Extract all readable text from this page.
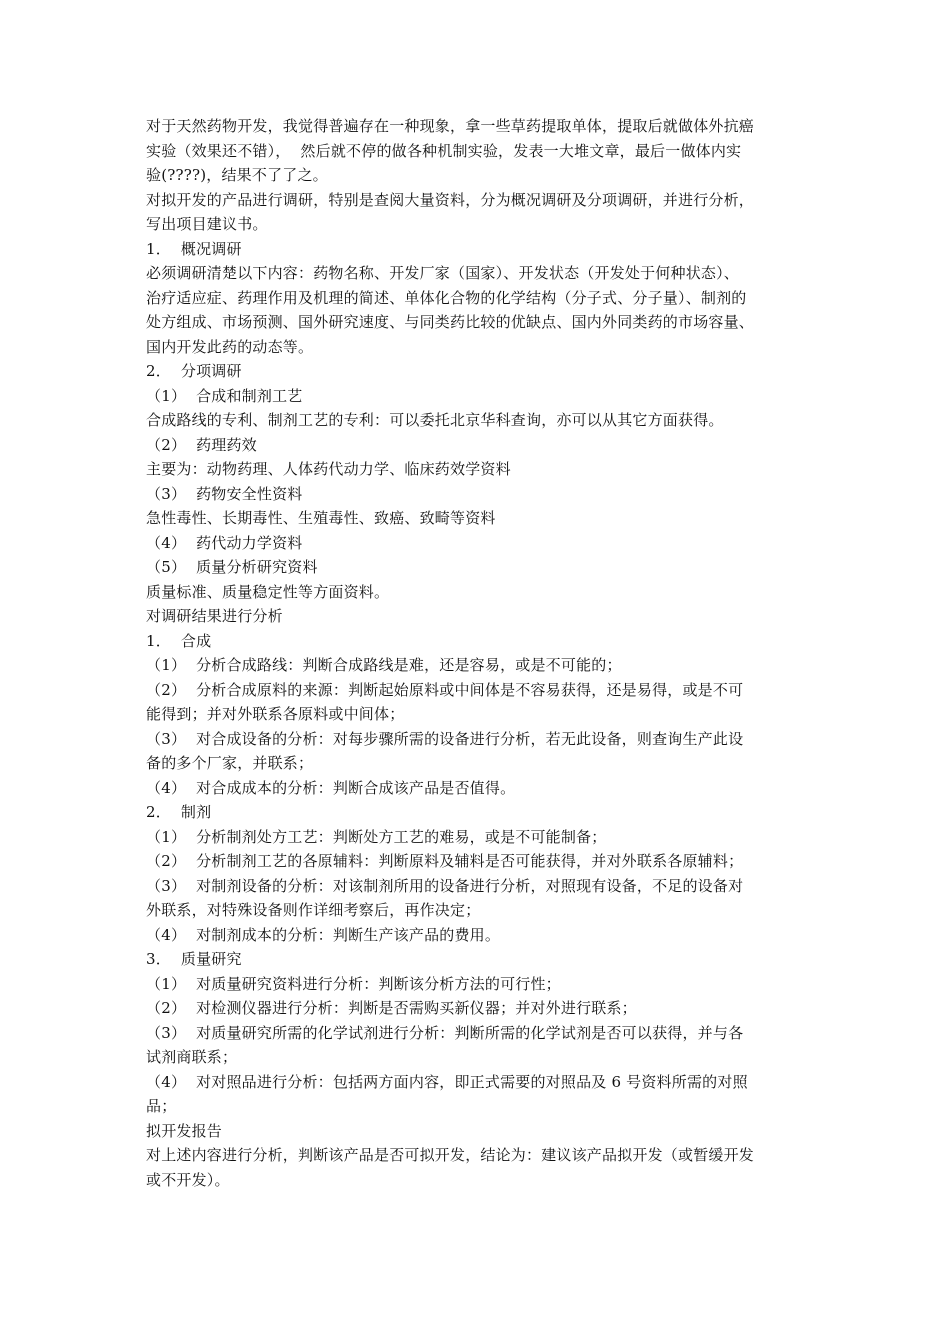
对于天然药物开发，我觉得普遍存在一种现象，拿一些草药提取单体，提取后就做体外抗癌
实验（效果还不错），  然后就不停的做各种机制实验，发表一大堆文章，最后一做体内实
验(????)，结果不了了之。
对拟开发的产品进行调研，特别是查阅大量资料，分为概况调研及分项调研，并进行分析，
写出项目建议书。
1．  概况调研
必须调研清楚以下内容：药物名称、开发厂家（国家）、开发状态（开发处于何种状态）、
治疗适应症、药理作用及机理的简述、单体化合物的化学结构（分子式、分子量）、制剂的
处方组成、市场预测、国外研究速度、与同类药比较的优缺点、国内外同类药的市场容量、
国内开发此药的动态等。
2．  分项调研
（1）  合成和制剂工艺
合成路线的专利、制剂工艺的专利：可以委托北京华科查询，亦可以从其它方面获得。
（2）  药理药效
主要为：动物药理、人体药代动力学、临床药效学资料
（3）  药物安全性资料
急性毒性、长期毒性、生殖毒性、致癌、致畸等资料
（4）  药代动力学资料
（5）  质量分析研究资料
质量标准、质量稳定性等方面资料。
对调研结果进行分析
1．  合成
（1）  分析合成路线：判断合成路线是难，还是容易，或是不可能的；
（2）  分析合成原料的来源：判断起始原料或中间体是不容易获得，还是易得，或是不可
能得到；并对外联系各原料或中间体；
（3）  对合成设备的分析：对每步骤所需的设备进行分析，若无此设备，则查询生产此设
备的多个厂家，并联系；
（4）  对合成成本的分析：判断合成该产品是否值得。
2．  制剂
（1）  分析制剂处方工艺：判断处方工艺的难易，或是不可能制备；
（2）  分析制剂工艺的各原辅料：判断原料及辅料是否可能获得，并对外联系各原辅料；
（3）  对制剂设备的分析：对该制剂所用的设备进行分析，对照现有设备，不足的设备对
外联系，对特殊设备则作详细考察后，再作决定；
（4）  对制剂成本的分析：判断生产该产品的费用。
3．  质量研究
（1）  对质量研究资料进行分析：判断该分析方法的可行性；
（2）  对检测仪器进行分析：判断是否需购买新仪器；并对外进行联系；
（3）  对质量研究所需的化学试剂进行分析：判断所需的化学试剂是否可以获得，并与各
试剂商联系；
（4）  对对照品进行分析：包括两方面内容，即正式需要的对照品及 6 号资料所需的对照
品；
拟开发报告
对上述内容进行分析，判断该产品是否可拟开发，结论为：建议该产品拟开发（或暂缓开发
或不开发）。
